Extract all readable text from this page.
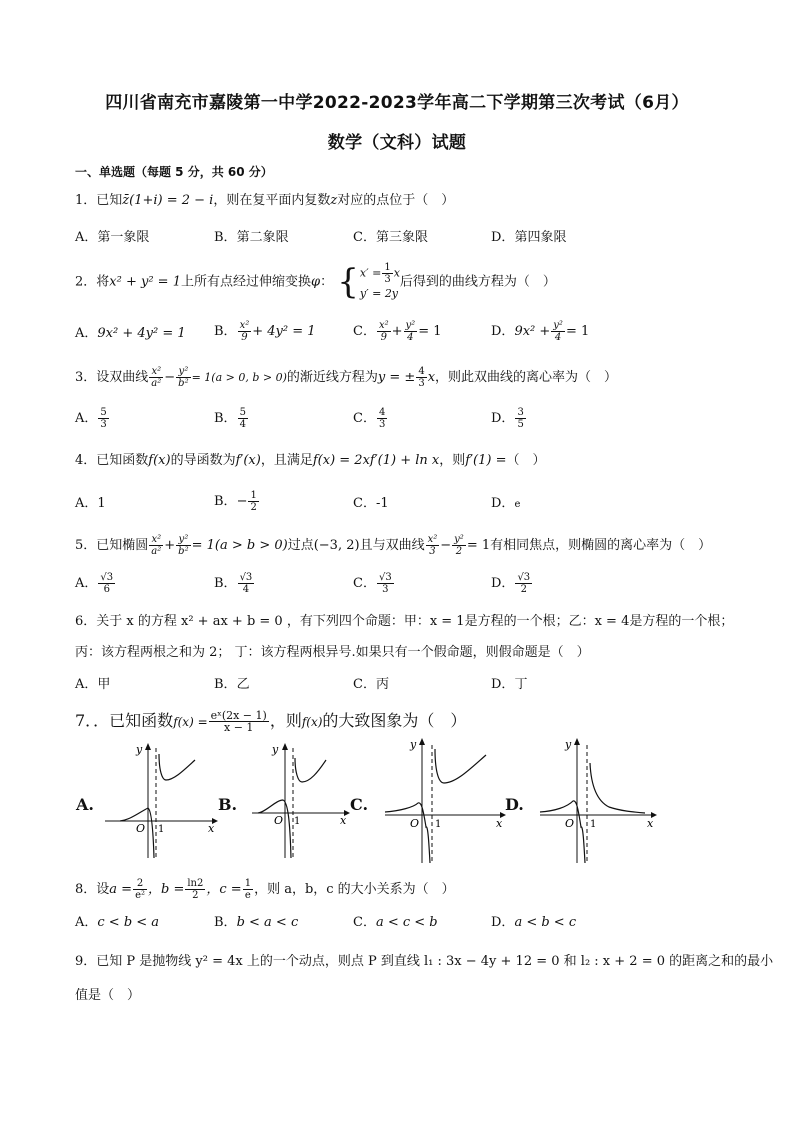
四川省南充市嘉陵第一中学2022-2023学年高二下学期第三次考试（6月）
数学（文科）试题
一、单选题（每题 5 分，共 60 分）
1．已知z̄(1+i) = 2 − i，则在复平面内复数z对应的点位于（　）
A．第一象限	B．第二象限	C．第三象限	D．第四象限
2．将x² + y² = 1上所有点经过伸缩变换φ： { $x' = \frac{1}{3}$ x
y′ = 2y
后得到的曲线方程为（　）
A．9x² + 4y² = 1 B． $\frac{\text{x²}}{9} + 4y^2 = 1$	C． $\frac{\text{x²}}{9} + \frac{\text{y²}}{4} = 1$	D．$9x^2 + \frac{\text{y²}}{4} = 1$
3．设双曲线 $\frac{\text{x²}}{\text{a²}} - \frac{\text{y²}}{\text{b²}} = 1(a > 0$, b > 0)的渐近线方程为y = ± $\frac{4}{3}$ x，则此双曲线的离心率为（　）
A． $\frac{5}{3}$	B． $\frac{5}{4}$	C． $\frac{4}{3}$	D． $\frac{3}{5}$
4．已知函数f(x)的导函数为f′(x)，且满足f(x) = 2xf′(1) + ln x，则f′(1) =（　）
A．1	B．− $\frac{1}{2}$	C．-1	D．e
5．已知椭圆 $\frac{\text{x²}}{\text{a²}} + \frac{\text{y²}}{\text{b²}} = 1(a > b > 0)$过点(−3, 2)且与双曲线 $\frac{\text{x²}}{3} - \frac{\text{y²}}{2} = 1$有相同焦点，则椭圆的离心率为（　）
A． $\frac{√3}{6}$	B． $\frac{√3}{4}$	C． $\frac{√3}{3}$	D． $\frac{√3}{2}$
6．关于 x 的方程 x² + ax + b = 0 ，有下列四个命题：甲：x = 1是方程的一个根；乙：x = 4是方程的一个根；
丙：该方程两根之和为 2； 丁：该方程两根异号.如果只有一个假命题，则假命题是（　）
A．甲	B．乙	C．丙	D．丁
7．．已知函数$f(x) = \frac{\text{eˣ(2x − 1)}}{x - 1}$ ，则f(x)的大致图象为（　）
A.	B.	C.	D.
y
O 1	x
y
O 1	x
y
O 1	x
y
O 1	x
8．设$a = \frac{2}{\text{e²}}$ ，$b = \frac{\ln 2}{2}$ ，$c = \frac{1}{e}$ ，则 a，b，c 的大小关系为（　）
A．c < b < a	B．b < a < c	C．a < c < b	D．a < b < c
9．已知 P 是抛物线 y² = 4x 上的一个动点，则点 P 到直线 l₁ : 3x − 4y + 12 = 0 和 l₂ : x + 2 = 0 的距离之和的最小
值是（　）
